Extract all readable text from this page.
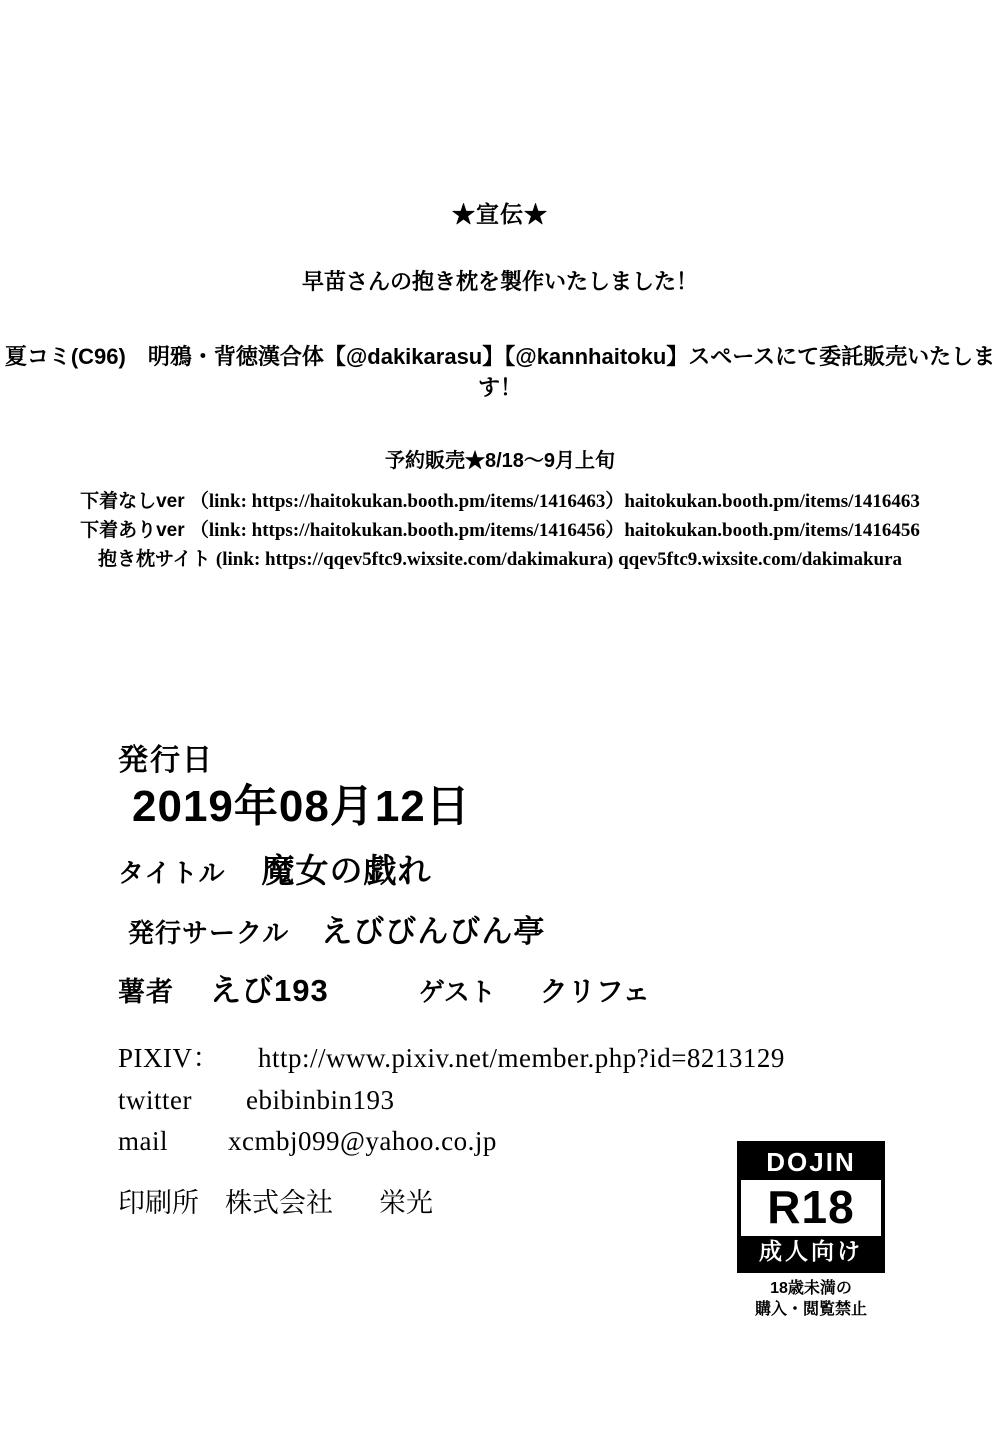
★宣伝★
早苗さんの抱き枕を製作いたしました！
夏コミ(C96)　明鴉・背徳漢合体【@dakikarasu】【@kannhaitoku】スペースにて委託販売いたします！
予約販売★8/18～9月上旬
下着なしver （link: https://haitokukan.booth.pm/items/1416463）haitokukan.booth.pm/items/1416463
下着ありver （link: https://haitokukan.booth.pm/items/1416456）haitokukan.booth.pm/items/1416456
抱き枕サイト (link: https://qqev5ftc9.wixsite.com/dakimakura) qqev5ftc9.wixsite.com/dakimakura
発行日
2019年08月12日
タイトル 魔女の戯れ
発行サークル えびびんびん亭
薯者 えび193	ゲスト クリフェ
PIXIV：	http://www.pixiv.net/member.php?id=8213129
twitter	ebibinbin193
mail	xcmbj099@yahoo.co.jp
印刷所 株式会社 栄光
DOJIN
R18
成人向け
18歳未満の
購入・閲覧禁止
